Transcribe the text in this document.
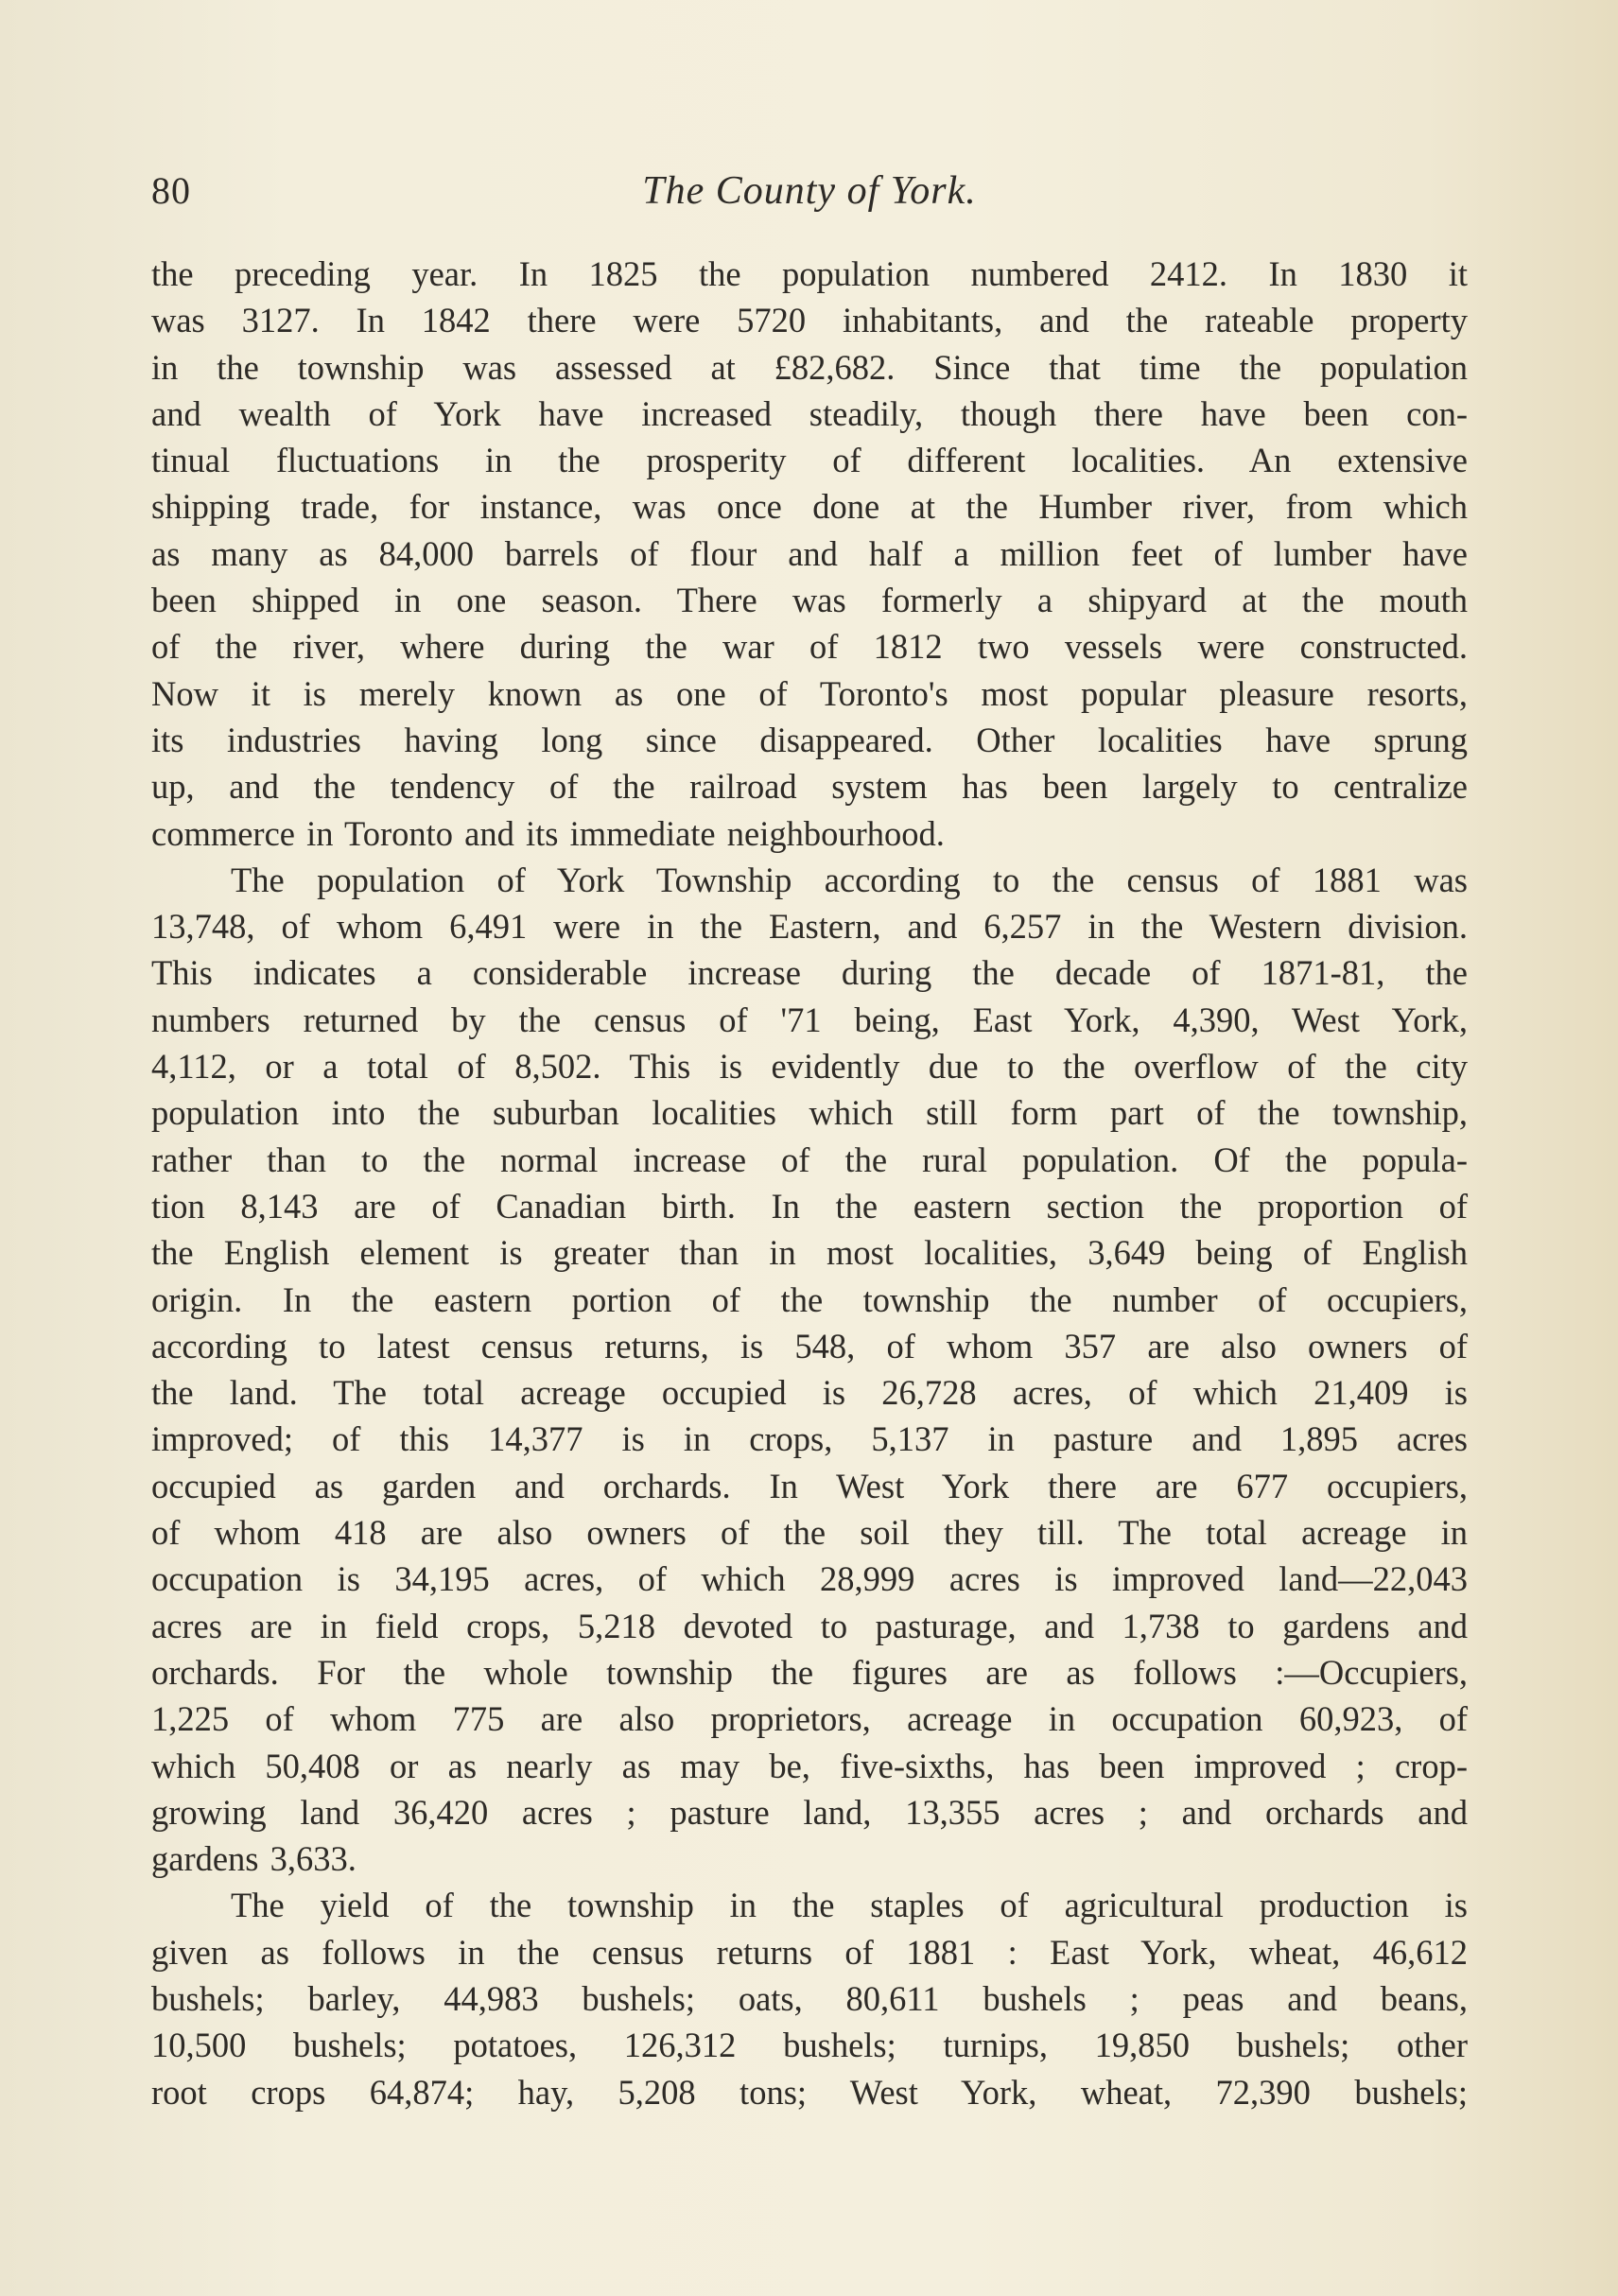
80	The County of York.

the preceding year. In 1825 the population numbered 2412. In 1830 it
was 3127. In 1842 there were 5720 inhabitants, and the rateable property
in the township was assessed at £82,682. Since that time the population
and wealth of York have increased steadily, though there have been con-
tinual fluctuations in the prosperity of different localities. An extensive
shipping trade, for instance, was once done at the Humber river, from which
as many as 84,000 barrels of flour and half a million feet of lumber have
been shipped in one season. There was formerly a shipyard at the mouth
of the river, where during the war of 1812 two vessels were constructed.
Now it is merely known as one of Toronto's most popular pleasure resorts,
its industries having long since disappeared. Other localities have sprung
up, and the tendency of the railroad system has been largely to centralize
commerce in Toronto and its immediate neighbourhood.

The population of York Township according to the census of 1881 was
13,748, of whom 6,491 were in the Eastern, and 6,257 in the Western division.
This indicates a considerable increase during the decade of 1871-81, the
numbers returned by the census of '71 being, East York, 4,390, West York,
4,112, or a total of 8,502. This is evidently due to the overflow of the city
population into the suburban localities which still form part of the township,
rather than to the normal increase of the rural population. Of the popula-
tion 8,143 are of Canadian birth. In the eastern section the proportion of
the English element is greater than in most localities, 3,649 being of English
origin. In the eastern portion of the township the number of occupiers,
according to latest census returns, is 548, of whom 357 are also owners of
the land. The total acreage occupied is 26,728 acres, of which 21,409 is
improved; of this 14,377 is in crops, 5,137 in pasture and 1,895 acres
occupied as garden and orchards. In West York there are 677 occupiers,
of whom 418 are also owners of the soil they till. The total acreage in
occupation is 34,195 acres, of which 28,999 acres is improved land—22,043
acres are in field crops, 5,218 devoted to pasturage, and 1,738 to gardens and
orchards. For the whole township the figures are as follows :—Occupiers,
1,225 of whom 775 are also proprietors, acreage in occupation 60,923, of
which 50,408 or as nearly as may be, five-sixths, has been improved ; crop-
growing land 36,420 acres ; pasture land, 13,355 acres ; and orchards and
gardens 3,633.

The yield of the township in the staples of agricultural production is
given as follows in the census returns of 1881 : East York, wheat, 46,612
bushels; barley, 44,983 bushels; oats, 80,611 bushels ; peas and beans,
10,500 bushels; potatoes, 126,312 bushels; turnips, 19,850 bushels; other
root crops 64,874; hay, 5,208 tons; West York, wheat, 72,390 bushels;
